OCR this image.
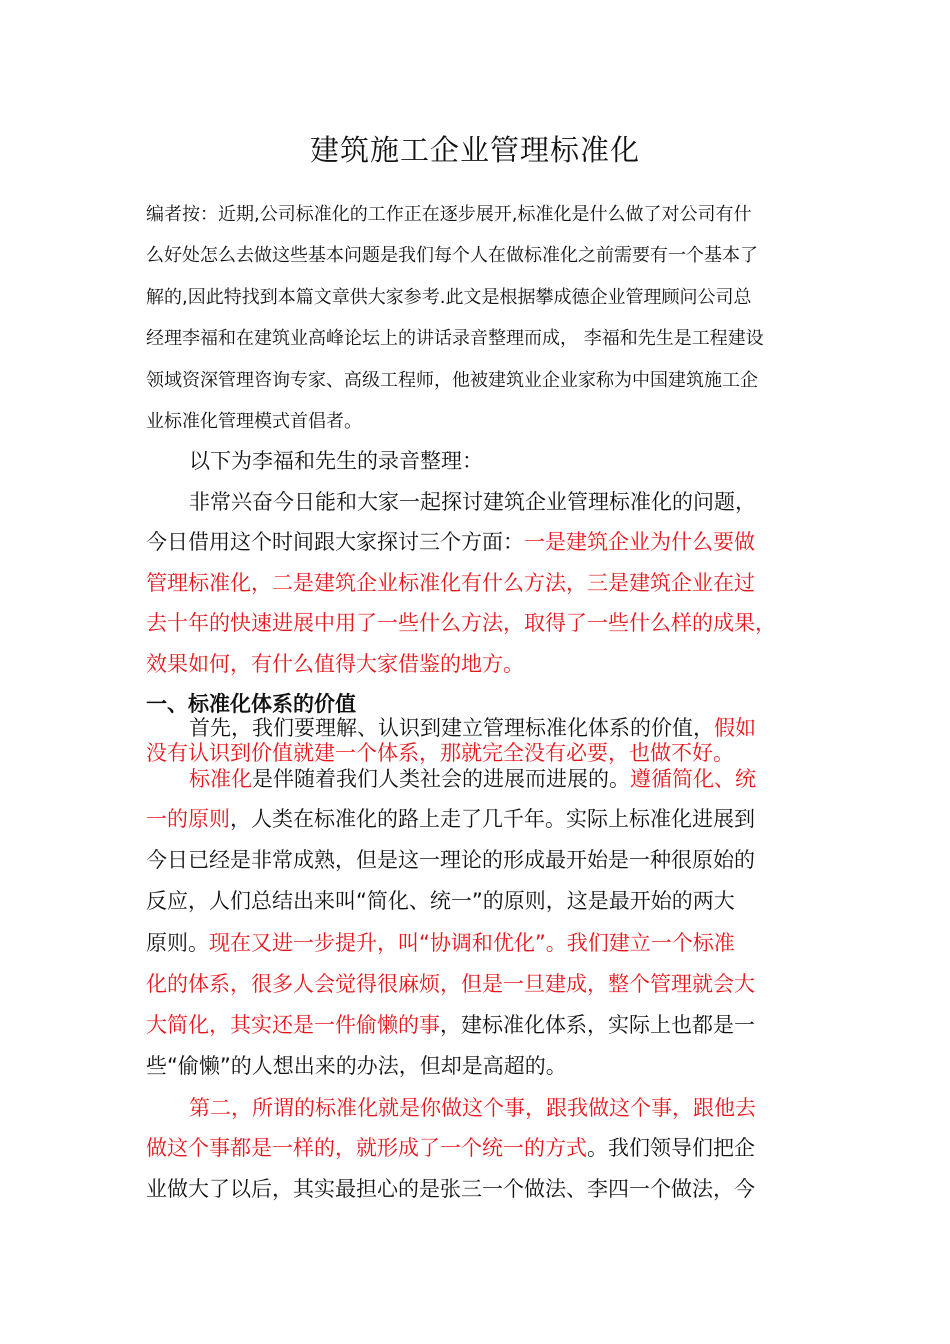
建筑施工企业管理标准化
编者按：近期,公司标准化的工作正在逐步展开,标准化是什么做了对公司有什
么好处怎么去做这些基本问题是我们每个人在做标准化之前需要有一个基本了
解的,因此特找到本篇文章供大家参考.此文是根据攀成德企业管理顾问公司总
经理李福和在建筑业高峰论坛上的讲话录音整理而成， 李福和先生是工程建设
领域资深管理咨询专家、高级工程师，他被建筑业企业家称为中国建筑施工企
业标准化管理模式首倡者。
以下为李福和先生的录音整理：
非常兴奋今日能和大家一起探讨建筑企业管理标准化的问题，
今日借用这个时间跟大家探讨三个方面：一是建筑企业为什么要做
管理标准化，二是建筑企业标准化有什么方法，三是建筑企业在过
去十年的快速进展中用了一些什么方法，取得了一些什么样的成果，
效果如何，有什么值得大家借鉴的地方。
一、标准化体系的价值
首先，我们要理解、认识到建立管理标准化体系的价值，假如
没有认识到价值就建一个体系，那就完全没有必要，也做不好。
标准化是伴随着我们人类社会的进展而进展的。遵循简化、统
一的原则，人类在标准化的路上走了几千年。实际上标准化进展到
今日已经是非常成熟，但是这一理论的形成最开始是一种很原始的
反应，人们总结出来叫“简化、统一”的原则，这是最开始的两大
原则。现在又进一步提升，叫“协调和优化”。我们建立一个标准
化的体系，很多人会觉得很麻烦，但是一旦建成，整个管理就会大
大简化，其实还是一件偷懒的事，建标准化体系，实际上也都是一
些“偷懒”的人想出来的办法，但却是高超的。
第二，所谓的标准化就是你做这个事，跟我做这个事，跟他去
做这个事都是一样的，就形成了一个统一的方式。我们领导们把企
业做大了以后，其实最担心的是张三一个做法、李四一个做法，今
